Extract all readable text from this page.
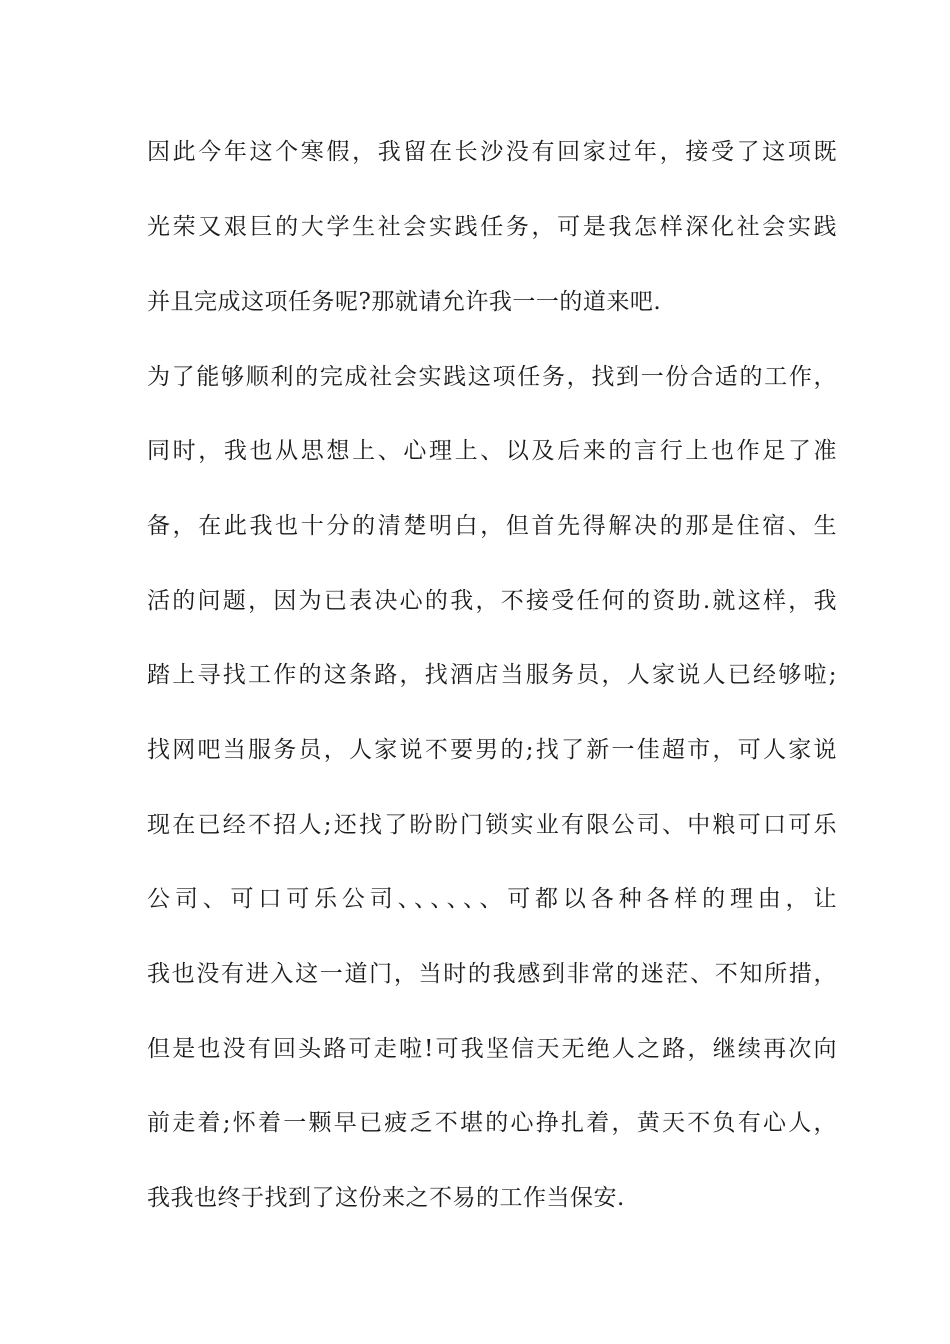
因此今年这个寒假，我留在长沙没有回家过年，接受了这项既
光荣又艰巨的大学生社会实践任务，可是我怎样深化社会实践
并且完成这项任务呢?那就请允许我一一的道来吧.
为了能够顺利的完成社会实践这项任务，找到一份合适的工作，
同时，我也从思想上、心理上、以及后来的言行上也作足了准
备，在此我也十分的清楚明白，但首先得解决的那是住宿、生
活的问题，因为已表决心的我，不接受任何的资助.就这样，我
踏上寻找工作的这条路，找酒店当服务员，人家说人已经够啦;
找网吧当服务员，人家说不要男的;找了新一佳超市，可人家说
现在已经不招人;还找了盼盼门锁实业有限公司、中粮可口可乐
公司、可口可乐公司、、、、、、可都以各种各样的理由，让
我也没有进入这一道门，当时的我感到非常的迷茫、不知所措，
但是也没有回头路可走啦!可我坚信天无绝人之路，继续再次向
前走着;怀着一颗早已疲乏不堪的心挣扎着，黄天不负有心人，
我我也终于找到了这份来之不易的工作当保安.
